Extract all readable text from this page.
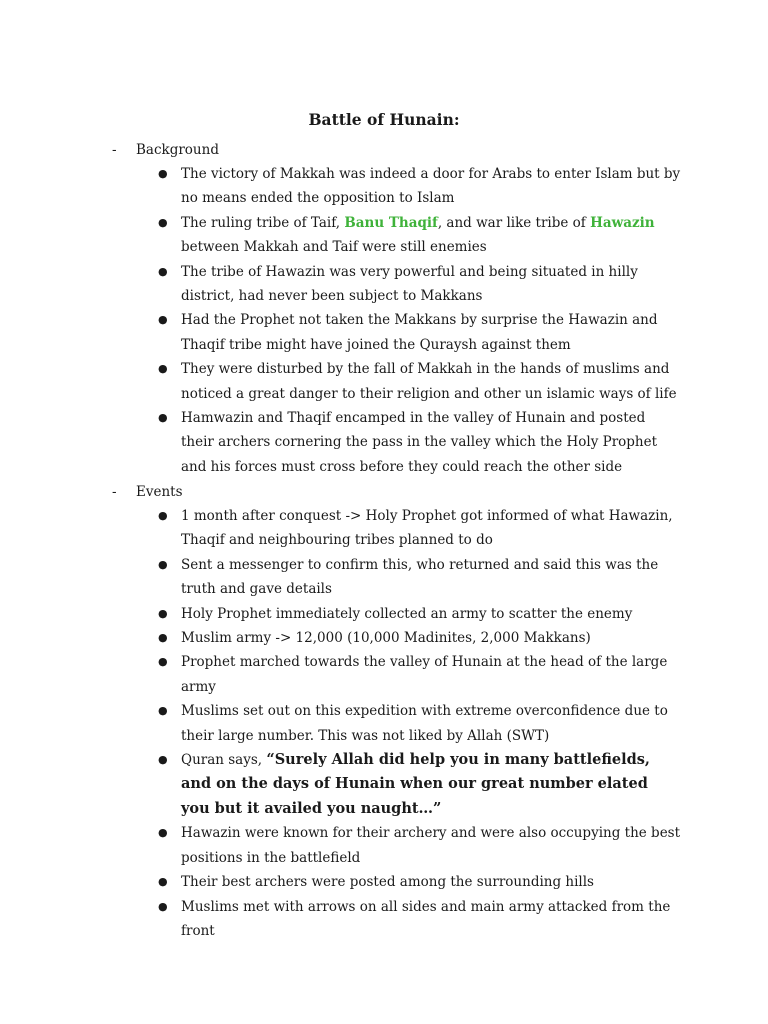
Battle of Hunain:
- Background
● The victory of Makkah was indeed a door for Arabs to enter Islam but by no means ended the opposition to Islam
● The ruling tribe of Taif, Banu Thaqif, and war like tribe of Hawazin between Makkah and Taif were still enemies
● The tribe of Hawazin was very powerful and being situated in hilly district, had never been subject to Makkans
● Had the Prophet not taken the Makkans by surprise the Hawazin and Thaqif tribe might have joined the Quraysh against them
● They were disturbed by the fall of Makkah in the hands of muslims and noticed a great danger to their religion and other un islamic ways of life
● Hamwazin and Thaqif encamped in the valley of Hunain and posted their archers cornering the pass in the valley which the Holy Prophet and his forces must cross before they could reach the other side
- Events
● 1 month after conquest -> Holy Prophet got informed of what Hawazin, Thaqif and neighbouring tribes planned to do
● Sent a messenger to confirm this, who returned and said this was the truth and gave details
● Holy Prophet immediately collected an army to scatter the enemy
● Muslim army -> 12,000 (10,000 Madinites, 2,000 Makkans)
● Prophet marched towards the valley of Hunain at the head of the large army
● Muslims set out on this expedition with extreme overconfidence due to their large number. This was not liked by Allah (SWT)
● Quran says, “Surely Allah did help you in many battlefields, and on the days of Hunain when our great number elated you but it availed you naught…”
● Hawazin were known for their archery and were also occupying the best positions in the battlefield
● Their best archers were posted among the surrounding hills
● Muslims met with arrows on all sides and main army attacked from the front
